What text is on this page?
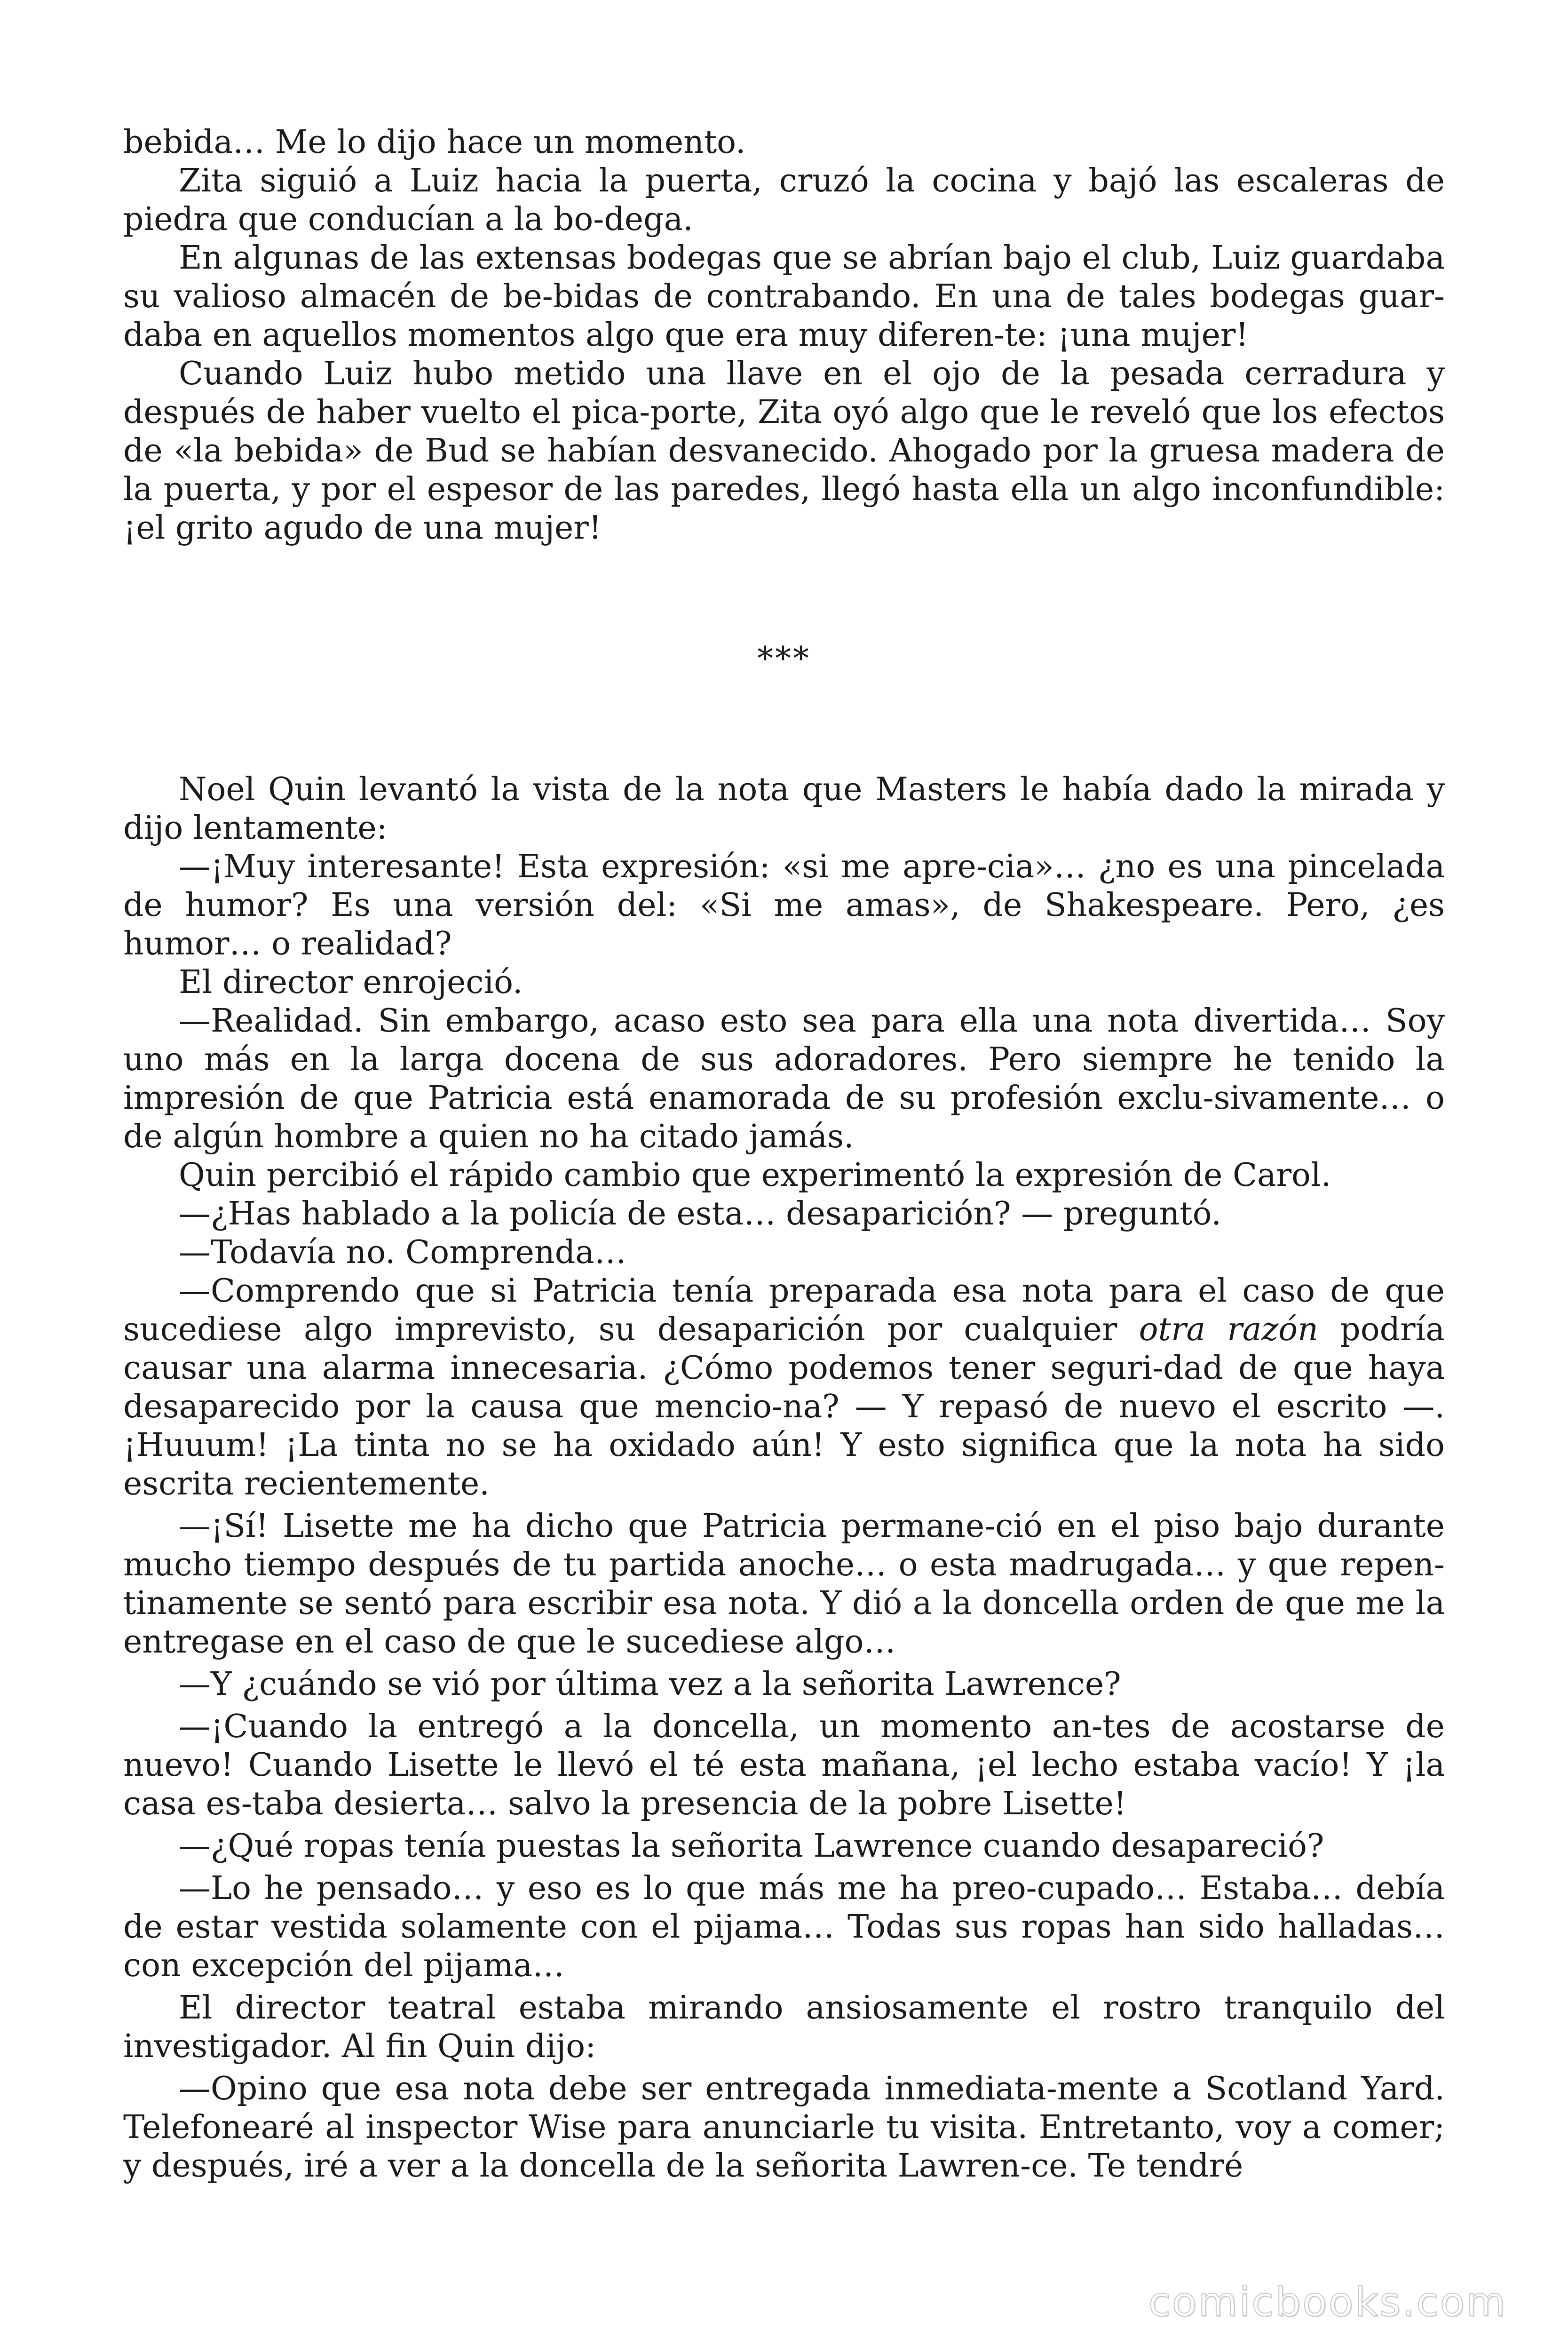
bebida… Me lo dijo hace un momento.

Zita siguió a Luiz hacia la puerta, cruzó la cocina y bajó las escaleras de piedra que conducían a la bo-dega.

En algunas de las extensas bodegas que se abrían bajo el club, Luiz guardaba su valioso almacén de be-bidas de contrabando. En una de tales bodegas guar-daba en aquellos momentos algo que era muy diferen-te: ¡una mujer!

Cuando Luiz hubo metido una llave en el ojo de la pesada cerradura y después de haber vuelto el pica-porte, Zita oyó algo que le reveló que los efectos de «la bebida» de Bud se habían desvanecido. Ahogado por la gruesa madera de la puerta, y por el espesor de las paredes, llegó hasta ella un algo inconfundible: ¡el grito agudo de una mujer!

***

Noel Quin levantó la vista de la nota que Masters le había dado la mirada y dijo lentamente:

—¡Muy interesante! Esta expresión: «si me apre-cia»… ¿no es una pincelada de humor? Es una versión del: «Si me amas», de Shakespeare. Pero, ¿es humor… o realidad?

El director enrojeció.

—Realidad. Sin embargo, acaso esto sea para ella una nota divertida… Soy uno más en la larga docena de sus adoradores. Pero siempre he tenido la impresión de que Patricia está enamorada de su profesión exclu-sivamente… o de algún hombre a quien no ha citado jamás.

Quin percibió el rápido cambio que experimentó la expresión de Carol.

—¿Has hablado a la policía de esta… desaparición? — preguntó.

—Todavía no. Comprenda…

—Comprendo que si Patricia tenía preparada esa nota para el caso de que sucediese algo imprevisto, su desaparición por cualquier otra razón podría causar una alarma innecesaria. ¿Cómo podemos tener seguri-dad de que haya desaparecido por la causa que mencio-na? — Y repasó de nuevo el escrito —. ¡Huuum! ¡La tinta no se ha oxidado aún! Y esto significa que la nota ha sido escrita recientemente.

—¡Sí! Lisette me ha dicho que Patricia permane-ció en el piso bajo durante mucho tiempo después de tu partida anoche… o esta madrugada… y que repen-tinamente se sentó para escribir esa nota. Y dió a la doncella orden de que me la entregase en el caso de que le sucediese algo…

—Y ¿cuándo se vió por última vez a la señorita Lawrence?

—¡Cuando la entregó a la doncella, un momento an-tes de acostarse de nuevo! Cuando Lisette le llevó el té esta mañana, ¡el lecho estaba vacío! Y ¡la casa es-taba desierta… salvo la presencia de la pobre Lisette!

—¿Qué ropas tenía puestas la señorita Lawrence cuando desapareció?

—Lo he pensado… y eso es lo que más me ha preo-cupado… Estaba… debía de estar vestida solamente con el pijama… Todas sus ropas han sido halladas… con excepción del pijama…

El director teatral estaba mirando ansiosamente el rostro tranquilo del investigador. Al fin Quin dijo:

—Opino que esa nota debe ser entregada inmediata-mente a Scotland Yard. Telefonearé al inspector Wise para anunciarle tu visita. Entretanto, voy a comer; y después, iré a ver a la doncella de la señorita Lawren-ce. Te tendré

comicbooks.com
